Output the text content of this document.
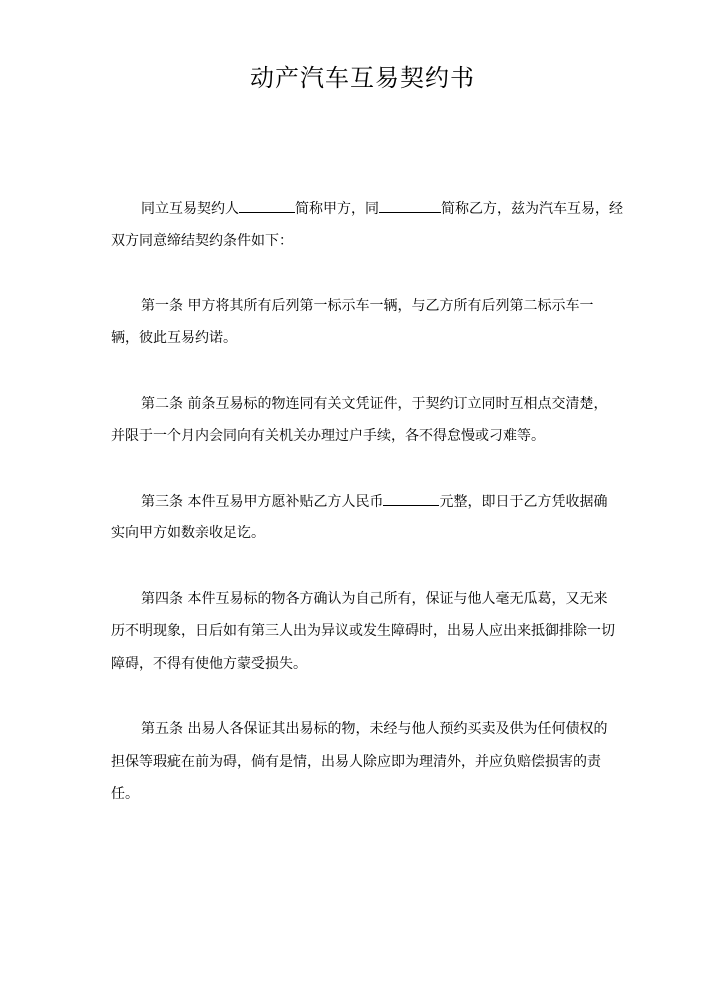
动产汽车互易契约书
同立互易契约人	简称甲方，同	简称乙方，兹为汽车互易，经
双方同意缔结契约条件如下：
第一条 甲方将其所有后列第一标示车一辆，与乙方所有后列第二标示车一
辆，彼此互易约诺。
第二条 前条互易标的物连同有关文凭证件，于契约订立同时互相点交清楚，
并限于一个月内会同向有关机关办理过户手续，各不得怠慢或刁难等。
第三条 本件互易甲方愿补贴乙方人民币	元整，即日于乙方凭收据确
实向甲方如数亲收足讫。
第四条 本件互易标的物各方确认为自己所有，保证与他人毫无瓜葛，又无来
历不明现象，日后如有第三人出为异议或发生障碍时，出易人应出来抵御排除一切
障碍，不得有使他方蒙受损失。
第五条 出易人各保证其出易标的物，未经与他人预约买卖及供为任何债权的
担保等瑕疵在前为碍，倘有是情，出易人除应即为理清外，并应负赔偿损害的责
任。
